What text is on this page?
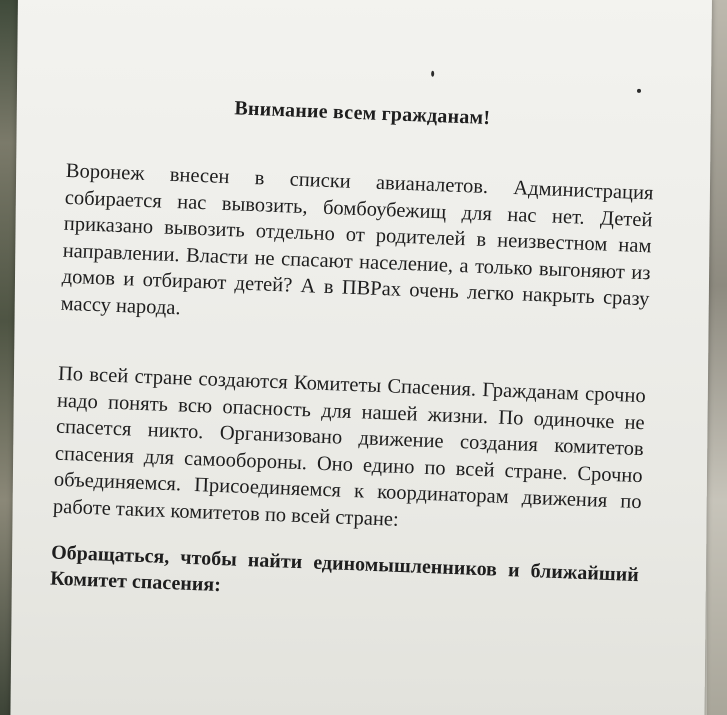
Внимание всем гражданам!

Воронеж внесен в списки авианалетов. Администрация собирается нас вывозить, бомбоубежищ для нас нет. Детей приказано вывозить отдельно от родителей в неизвестном нам направлении. Власти не спасают население, а только выгоняют из домов и отбирают детей? А в ПВРах очень легко накрыть сразу массу народа.

По всей стране создаются Комитеты Спасения. Гражданам срочно надо понять всю опасность для нашей жизни. По одиночке не спасется никто. Организовано движение создания комитетов спасения для самообороны. Оно едино по всей стране. Срочно объединяемся. Присоединяемся к координаторам движения по работе таких комитетов по всей стране:

Обращаться, чтобы найти единомышленников и ближайший Комитет спасения:
